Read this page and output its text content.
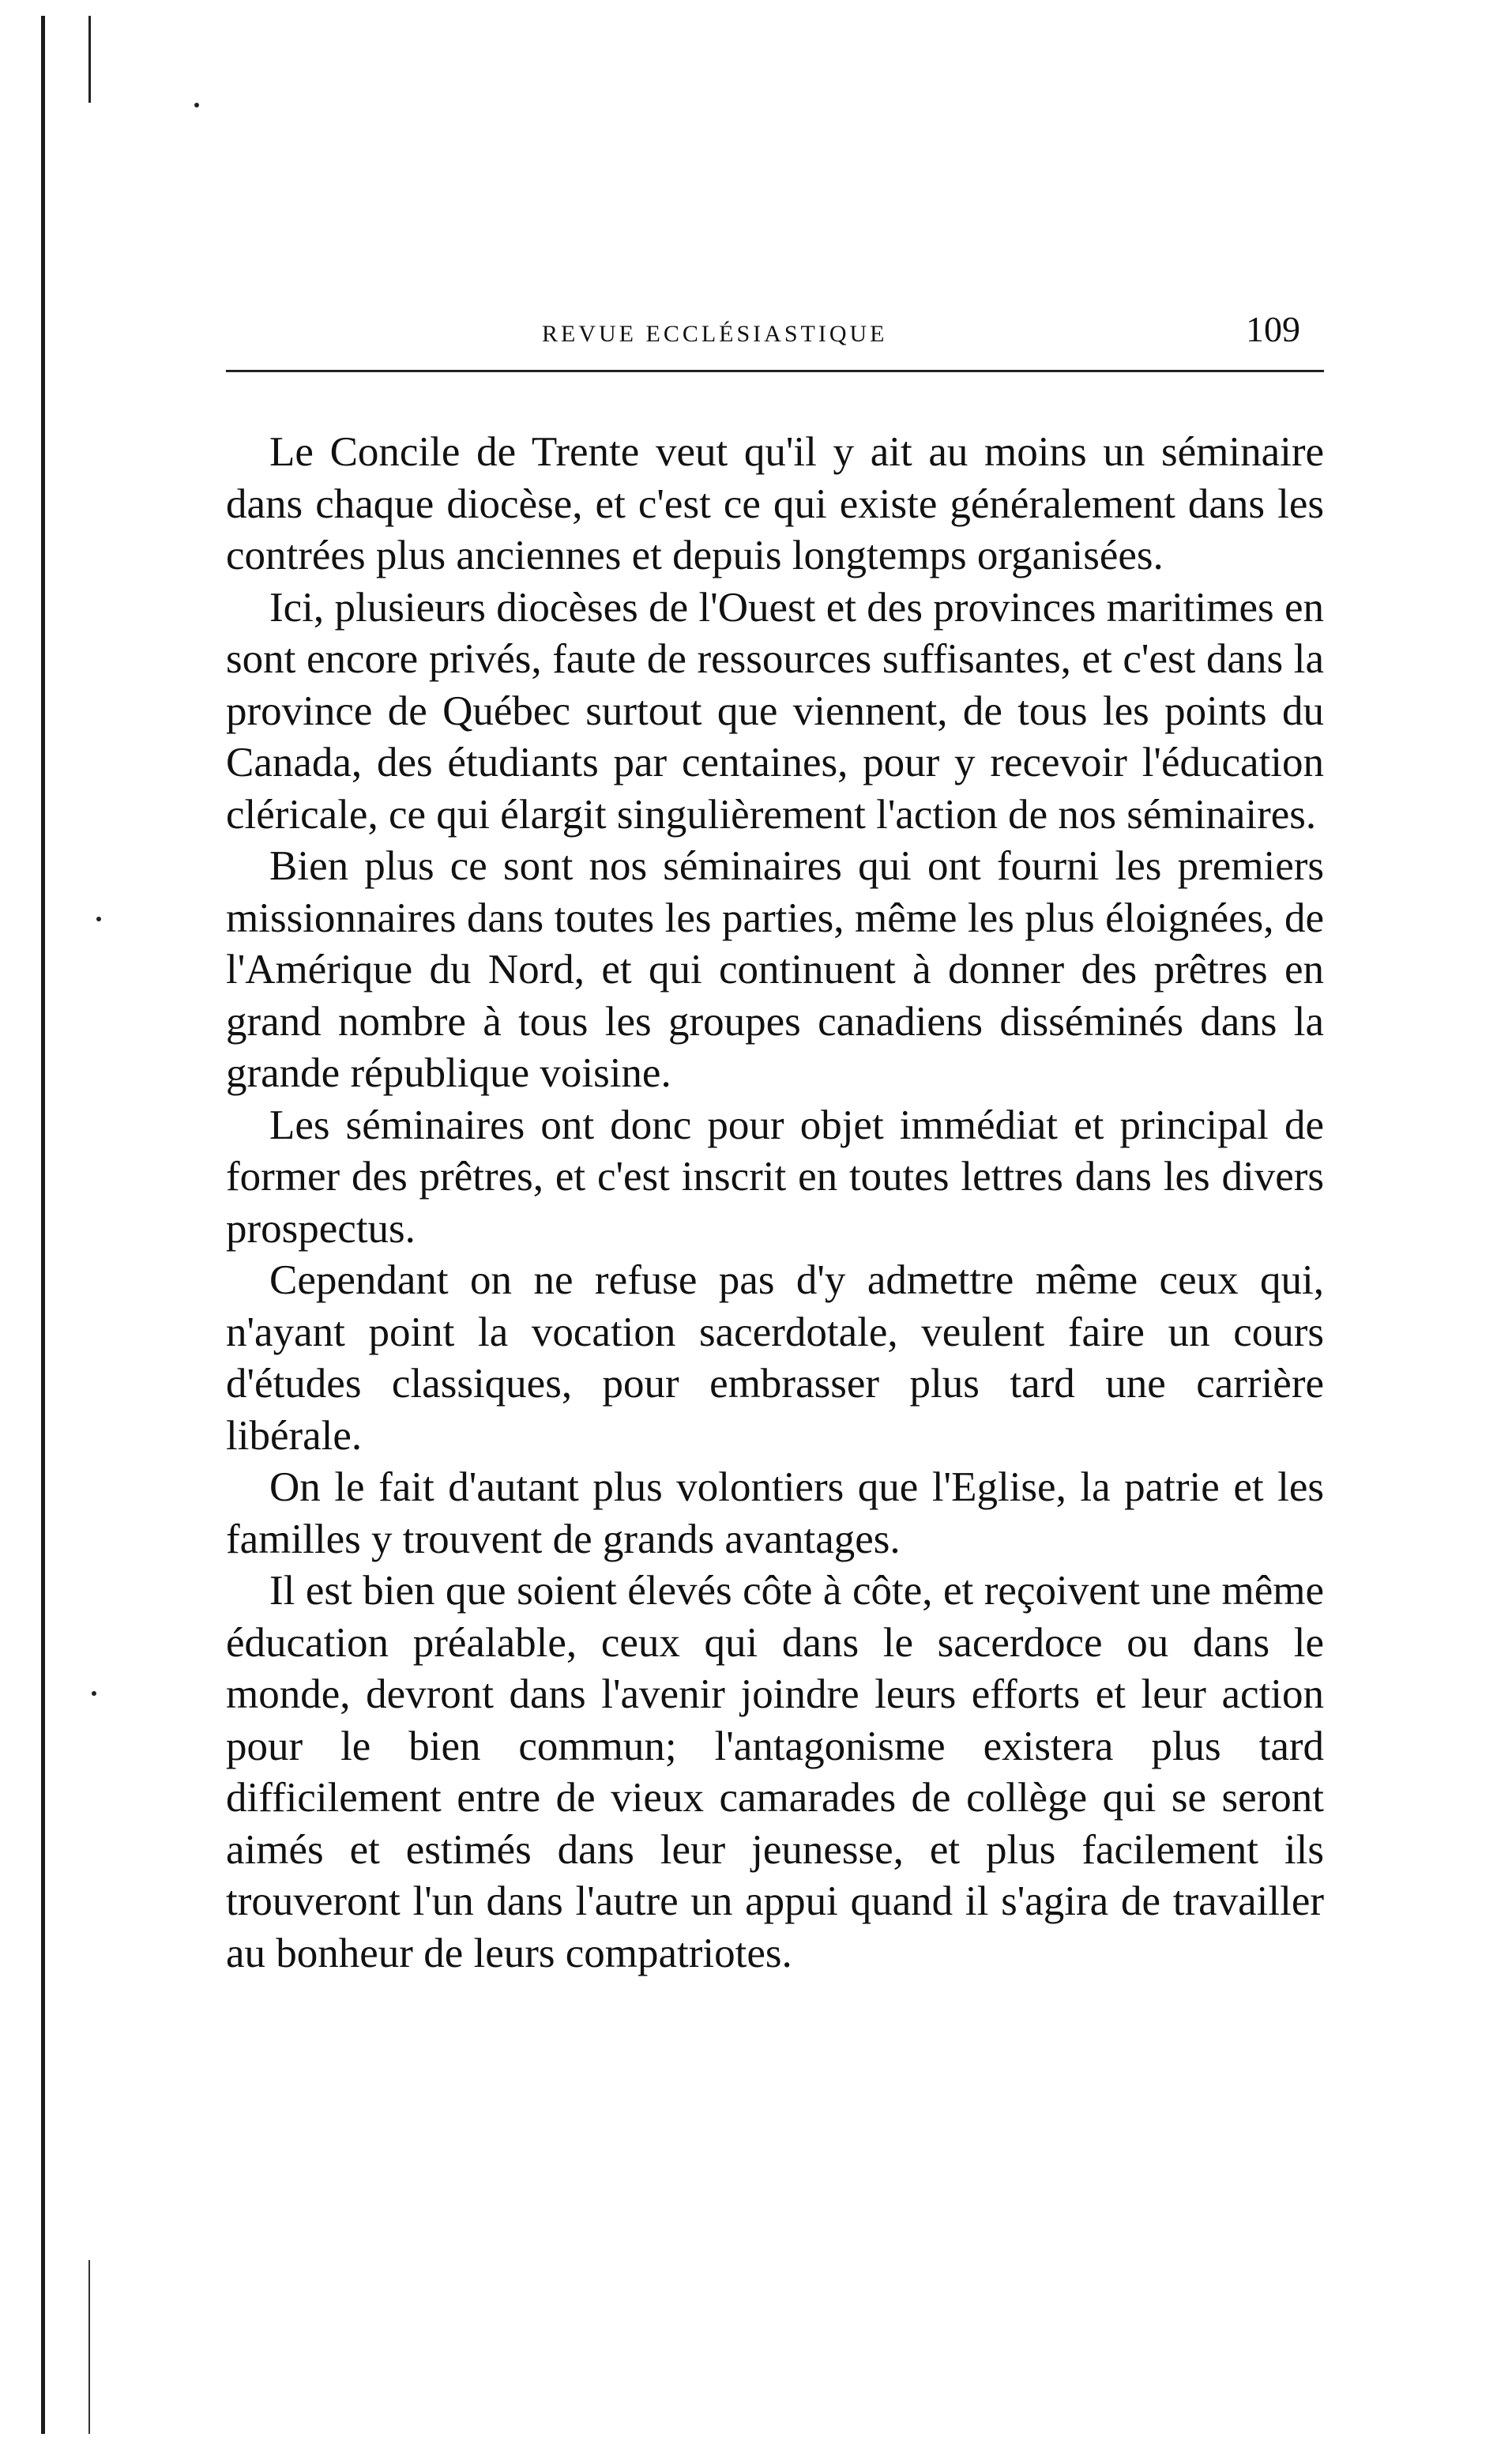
REVUE ECCLÉSIASTIQUE	109

Le Concile de Trente veut qu'il y ait au moins un séminaire dans chaque diocèse, et c'est ce qui existe généralement dans les contrées plus anciennes et depuis longtemps organisées.

Ici, plusieurs diocèses de l'Ouest et des provinces maritimes en sont encore privés, faute de ressources suffisantes, et c'est dans la province de Québec surtout que viennent, de tous les points du Canada, des étudiants par centaines, pour y recevoir l'éducation cléricale, ce qui élargit singulièrement l'action de nos séminaires.

Bien plus ce sont nos séminaires qui ont fourni les premiers missionnaires dans toutes les parties, même les plus éloignées, de l'Amérique du Nord, et qui continuent à donner des prêtres en grand nombre à tous les groupes canadiens disséminés dans la grande république voisine.

Les séminaires ont donc pour objet immédiat et principal de former des prêtres, et c'est inscrit en toutes lettres dans les divers prospectus.

Cependant on ne refuse pas d'y admettre même ceux qui, n'ayant point la vocation sacerdotale, veulent faire un cours d'études classiques, pour embrasser plus tard une carrière libérale.

On le fait d'autant plus volontiers que l'Eglise, la patrie et les familles y trouvent de grands avantages.

Il est bien que soient élevés côte à côte, et reçoivent une même éducation préalable, ceux qui dans le sacerdoce ou dans le monde, devront dans l'avenir joindre leurs efforts et leur action pour le bien commun; l'antagonisme existera plus tard difficilement entre de vieux camarades de collège qui se seront aimés et estimés dans leur jeunesse, et plus facilement ils trouveront l'un dans l'autre un appui quand il s'agira de travailler au bonheur de leurs compatriotes.
